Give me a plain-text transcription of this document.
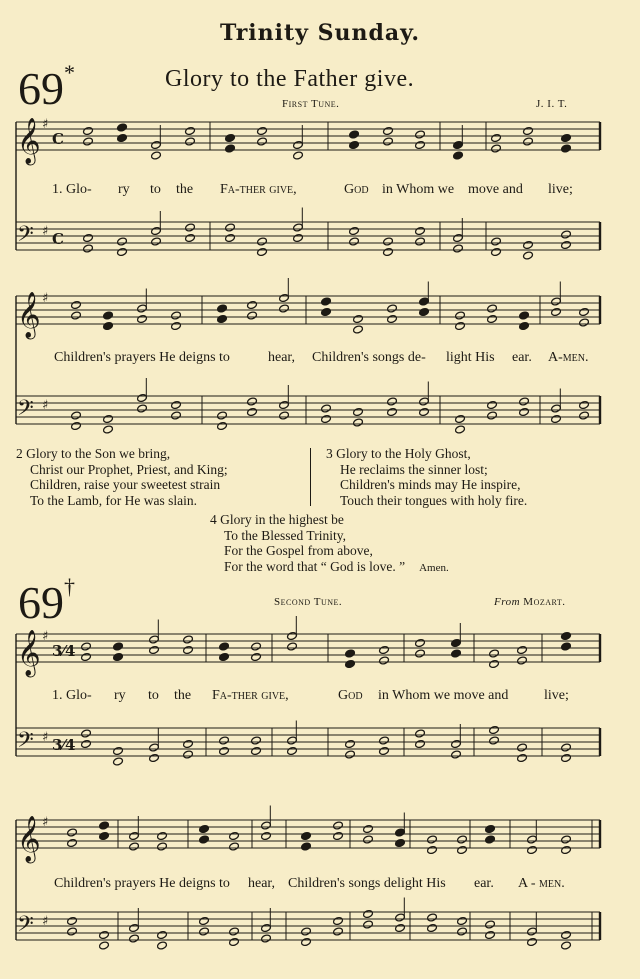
Trinity Sunday.
69*	Glory to the Father give.
First Tune.	J. I. T.
1. Glo- ry to the Fa-ther give,	God in Whom we move and live;
Children's prayers He deigns to	hear, Children's songs de- light His ear. A-men.
2 Glory to the Son we bring,
Christ our Prophet, Priest, and King;
Children, raise your sweetest strain
To the Lamb, for He was slain.
3 Glory to the Holy Ghost,
He reclaims the sinner lost;
Children's minds may He inspire,
Touch their tongues with holy fire.
4 Glory in the highest be
To the Blessed Trinity,
For the Gospel from above,
For the word that “ God is love. ” Amen.
69†
Second Tune.	From Mozart.
1. Glo- ry to the Fa-ther give,	God in Whom we move and	live;
Children's prayers He deigns to hear, Children's songs delight His ear. A - men.
𝄞 ♯
C
𝄢 ♯ C
𝄞 ♯
𝄢 ♯
𝄞 ♯
3⁄4
𝄢 ♯ 3⁄4
𝄞 ♯
𝄢 ♯
